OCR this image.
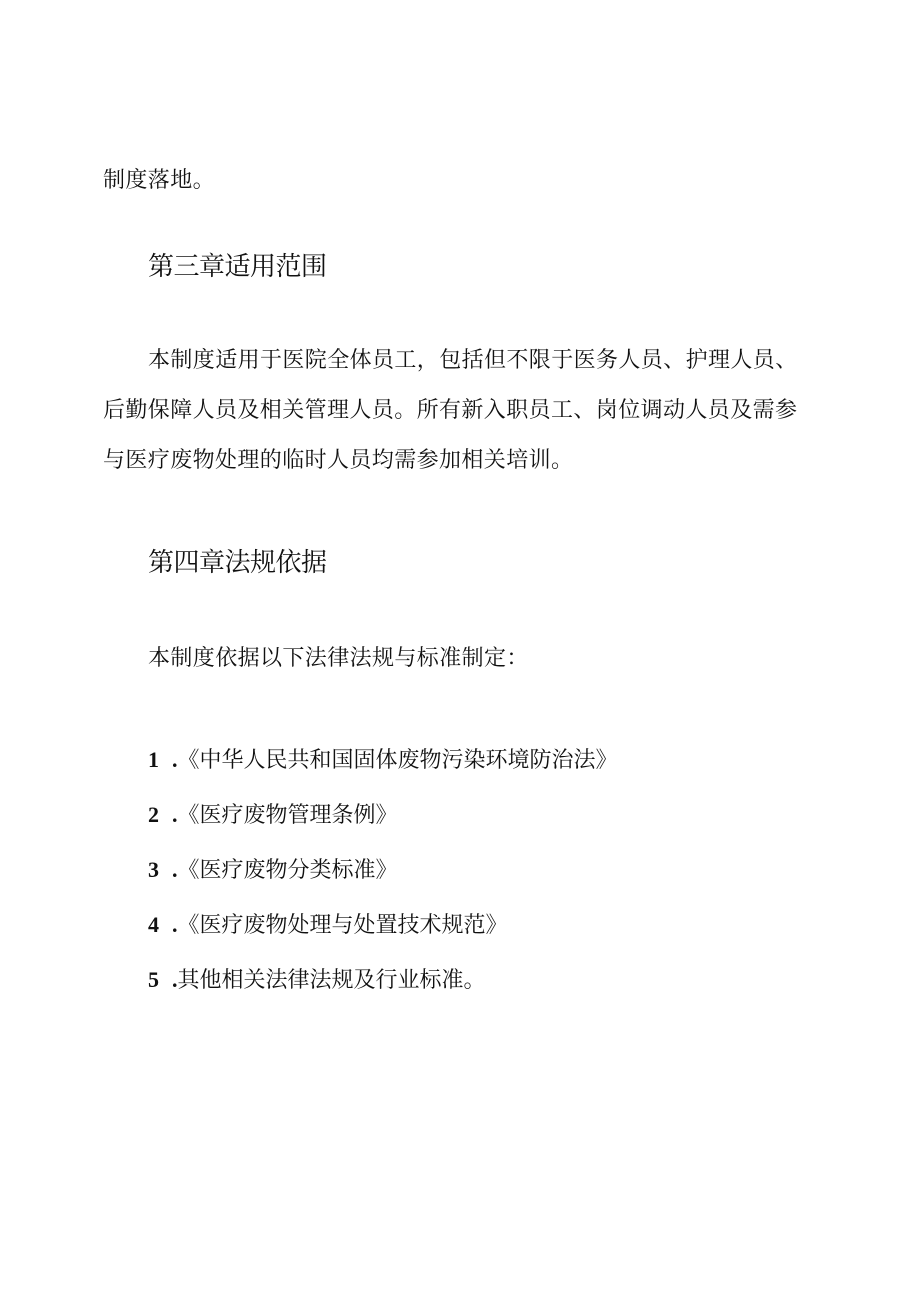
制度落地。
第三章适用范围
本制度适用于医院全体员工，包括但不限于医务人员、护理人员、
后勤保障人员及相关管理人员。所有新入职员工、岗位调动人员及需参
与医疗废物处理的临时人员均需参加相关培训。
第四章法规依据
本制度依据以下法律法规与标准制定：
1 .《中华人民共和国固体废物污染环境防治法》
2 .《医疗废物管理条例》
3 .《医疗废物分类标准》
4 .《医疗废物处理与处置技术规范》
5 .其他相关法律法规及行业标准。
